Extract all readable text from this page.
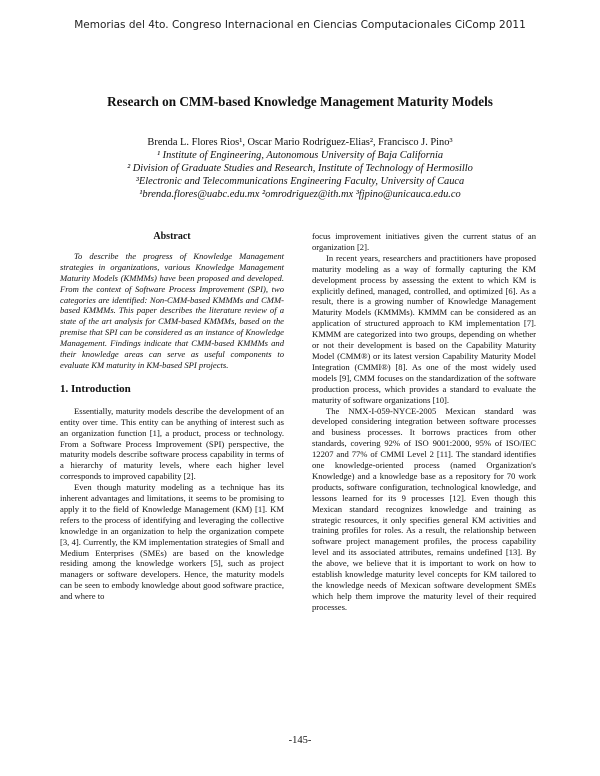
Memorias del 4to. Congreso Internacional en Ciencias Computacionales CiComp 2011
Research on CMM-based Knowledge Management Maturity Models
Brenda L. Flores Rios¹, Oscar Mario Rodríguez-Elias², Francisco J. Pino³
¹ Institute of Engineering, Autonomous University of Baja California
² Division of Graduate Studies and Research, Institute of Technology of Hermosillo
³Electronic and Telecommunications Engineering Faculty, University of Cauca
¹brenda.flores@uabc.edu.mx ²omrodriguez@ith.mx ³fjpino@unicauca.edu.co
Abstract

To describe the progress of Knowledge Management strategies in organizations, various Knowledge Management Maturity Models (KMMMs) have been proposed and developed. From the context of Software Process Improvement (SPI), two categories are identified: Non-CMM-based KMMMs and CMM-based KMMMs. This paper describes the literature review of a state of the art analysis for CMM-based KMMMs, based on the premise that SPI can be considered as an instance of Knowledge Management. Findings indicate that CMM-based KMMMs and their knowledge areas can serve as useful components to evaluate KM maturity in KM-based SPI projects.

1. Introduction

Essentially, maturity models describe the development of an entity over time. This entity can be anything of interest such as an organization function [1], a product, process or technology. From a Software Process Improvement (SPI) perspective, the maturity models describe software process capability in terms of a hierarchy of maturity levels, where each higher level corresponds to improved capability [2].

Even though maturity modeling as a technique has its inherent advantages and limitations, it seems to be promising to apply it to the field of Knowledge Management (KM) [1]. KM refers to the process of identifying and leveraging the collective knowledge in an organization to help the organization compete [3, 4]. Currently, the KM implementation strategies of Small and Medium Enterprises (SMEs) are based on the knowledge residing among the knowledge workers [5], such as project managers or software developers. Hence, the maturity models can be seen to embody knowledge about good software practice, and where to

focus improvement initiatives given the current status of an organization [2].

In recent years, researchers and practitioners have proposed maturity modeling as a way of formally capturing the KM development process by assessing the extent to which KM is explicitly defined, managed, controlled, and optimized [6]. As a result, there is a growing number of Knowledge Management Maturity Models (KMMMs). KMMM can be considered as an application of structured approach to KM implementation [7]. KMMM are categorized into two groups, depending on whether or not their development is based on the Capability Maturity Model (CMM®) or its latest version Capability Maturity Model Integration (CMMI®) [8]. As one of the most widely used models [9], CMM focuses on the standardization of the software production process, which provides a standard to evaluate the maturity of software organizations [10].

The NMX-I-059-NYCE-2005 Mexican standard was developed considering integration between software processes and business processes. It borrows practices from other standards, covering 92% of ISO 9001:2000, 95% of ISO/IEC 12207 and 77% of CMMI Level 2 [11]. The standard identifies one knowledge-oriented process (named Organization's Knowledge) and a knowledge base as a repository for 70 work products, software configuration, technological knowledge, and lessons learned for its 9 processes [12]. Even though this Mexican standard recognizes knowledge and training as strategic resources, it only specifies general KM activities and training profiles for roles. As a result, the relationship between software project management profiles, the process capability level and its associated attributes, remains undefined [13]. By the above, we believe that it is important to work on how to establish knowledge maturity level concepts for KM tailored to the knowledge needs of Mexican software development SMEs which help them improve the maturity level of their required processes.

-145-
